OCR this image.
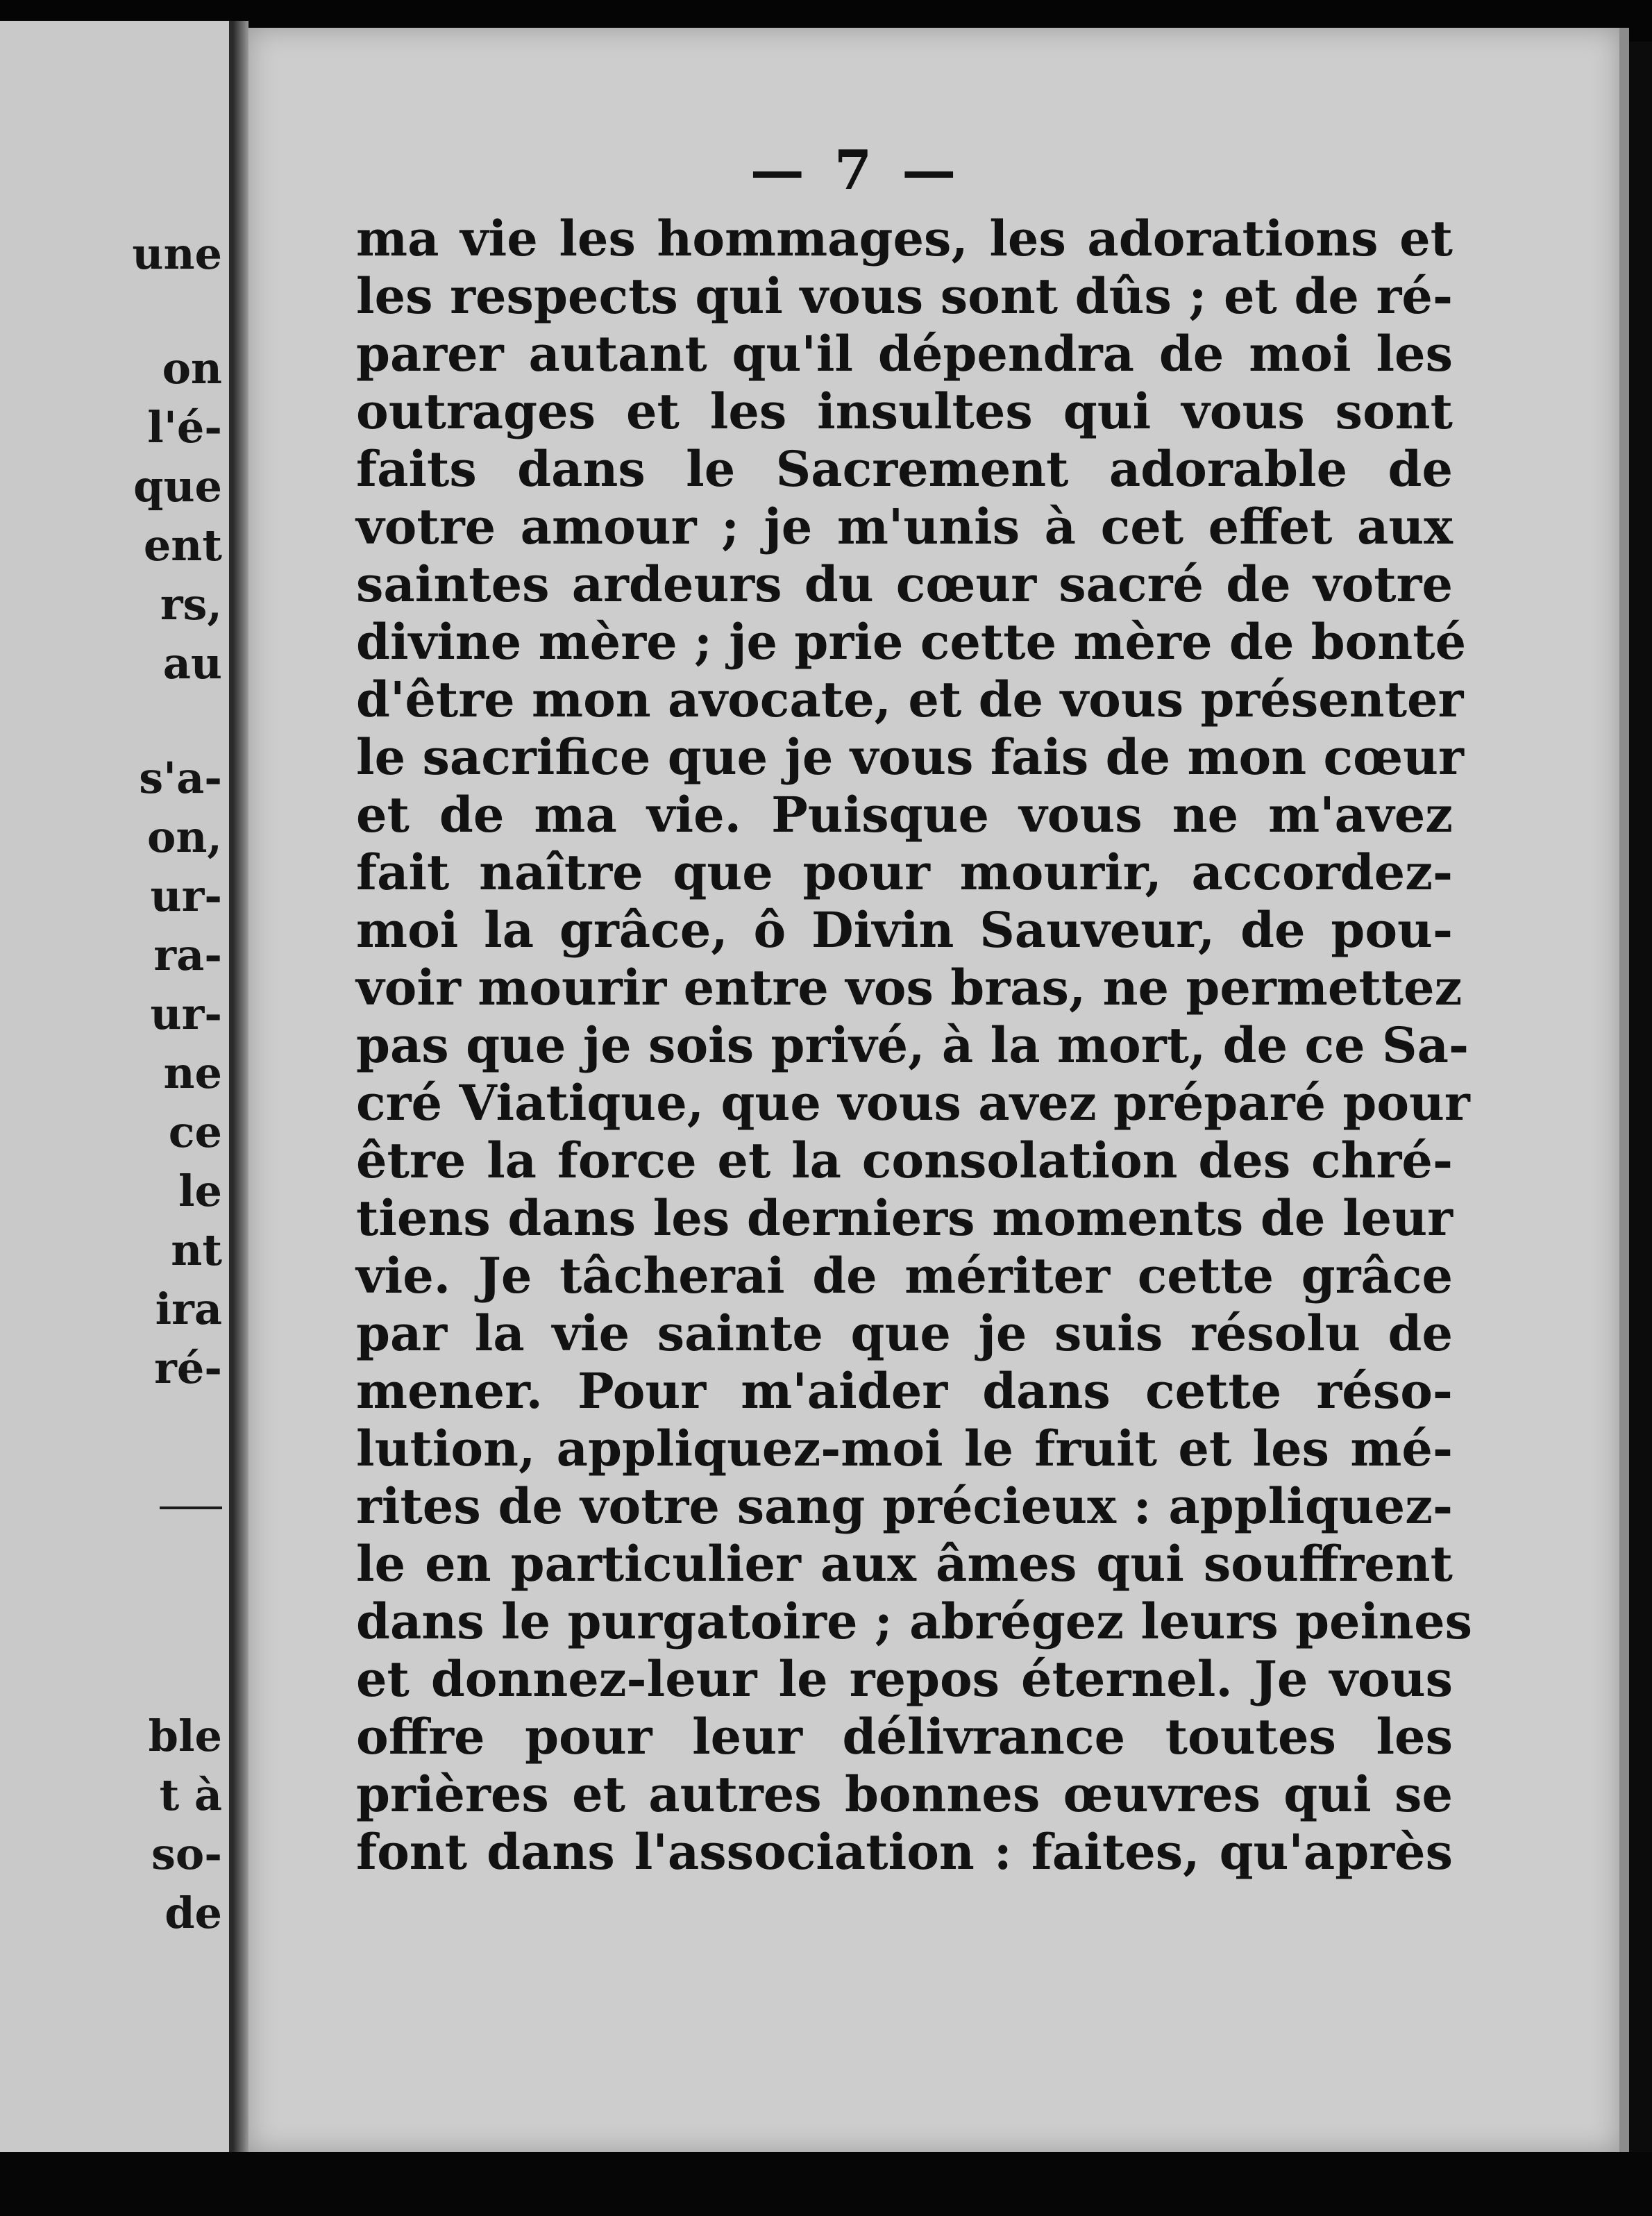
une
on
l'é-
que
ent
rs,
au
s'a-
on,
ur-
ra-
ur-
ne
ce
le
nt
ira
ré-
ble
t à
so-
de
— 7 —
ma vie les hommages, les adorations et
les respects qui vous sont dûs ; et de ré-
parer autant qu'il dépendra de moi les
outrages et les insultes qui vous sont
faits dans le Sacrement adorable de
votre amour ; je m'unis à cet effet aux
saintes ardeurs du cœur sacré de votre
divine mère ; je prie cette mère de bonté
d'être mon avocate, et de vous présenter
le sacrifice que je vous fais de mon cœur
et de ma vie. Puisque vous ne m'avez
fait naître que pour mourir, accordez-
moi la grâce, ô Divin Sauveur, de pou-
voir mourir entre vos bras, ne permettez
pas que je sois privé, à la mort, de ce Sa-
cré Viatique, que vous avez préparé pour
être la force et la consolation des chré-
tiens dans les derniers moments de leur
vie. Je tâcherai de mériter cette grâce
par la vie sainte que je suis résolu de
mener. Pour m'aider dans cette réso-
lution, appliquez-moi le fruit et les mé-
rites de votre sang précieux : appliquez-
le en particulier aux âmes qui souffrent
dans le purgatoire ; abrégez leurs peines
et donnez-leur le repos éternel. Je vous
offre pour leur délivrance toutes les
prières et autres bonnes œuvres qui se
font dans l'association : faites, qu'après
